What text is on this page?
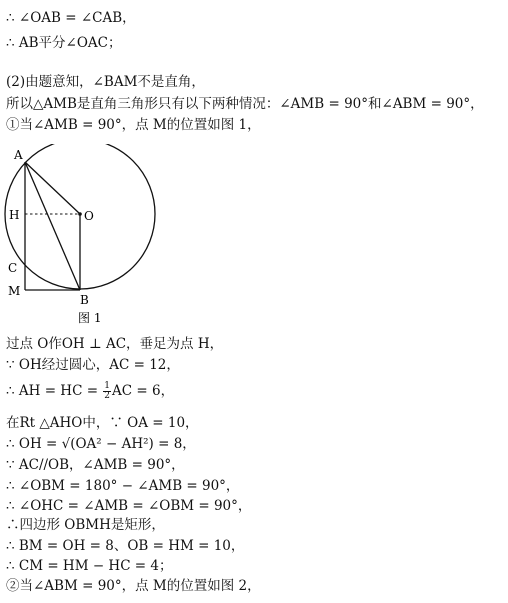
∴ ∠OAB = ∠CAB，
∴ AB平分∠OAC；
(2)由题意知，∠BAM不是直角，
所以△AMB是直角三角形只有以下两种情况：∠AMB = 90°和∠ABM = 90°，
①当∠AMB = 90°，点 M的位置如图 1，
A
H	O
C
M
B
图 1
过点 O作OH ⊥ AC，垂足为点 H，
∵ OH经过圆心，AC = 12，
∴ AH = HC = $\frac{1}{2}$ AC = 6，
在Rt △AHO中，∵ OA = 10，
∴ OH = √(OA² − AH²) = 8，
∵ AC//OB，∠AMB = 90°，
∴ ∠OBM = 180° − ∠AMB = 90°，
∴ ∠OHC = ∠AMB = ∠OBM = 90°，
∴四边形 OBMH是矩形，
∴ BM = OH = 8、OB = HM = 10，
∴ CM = HM − HC = 4；
②当∠ABM = 90°，点 M的位置如图 2，
